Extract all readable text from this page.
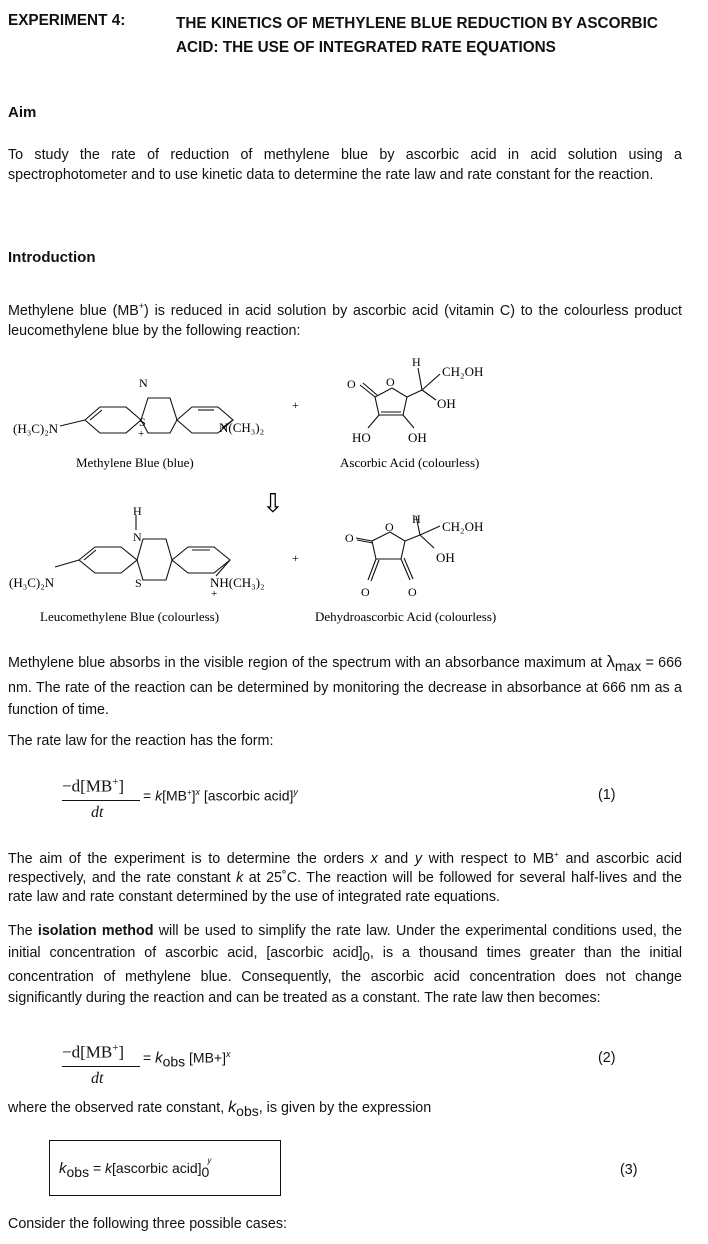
EXPERIMENT 4:	THE KINETICS OF METHYLENE BLUE REDUCTION BY ASCORBIC
ACID: THE USE OF INTEGRATED RATE EQUATIONS
Aim
To study the rate of reduction of methylene blue by ascorbic acid in acid solution using a spectrophotometer and to use kinetic data to determine the rate law and rate constant for the reaction.
Introduction
Methylene blue (MB+) is reduced in acid solution by ascorbic acid (vitamin C) to the colourless product leucomethylene blue by the following reaction:
(H₃C)₂N	N(CH₃)₂
N
S
+
Methylene Blue (blue)
+
H
CH₂OH
O	O
OH
HO	OH
Ascorbic Acid (colourless)
⇩
H
N
S
(H₃C)₂N	NH(CH₃)₂
+
Leucomethylene Blue (colourless)
+
H CH₂OH
O
O
OH
O	O
Dehydroascorbic Acid (colourless)
Methylene blue absorbs in the visible region of the spectrum with an absorbance maximum at $\lambda_{max} = 666$ nm. The rate of the reaction can be determined by monitoring the decrease in absorbance at 666 nm as a function of time.
The rate law for the reaction has the form:
−d[MB+]
dt
= $k[MB^+]^x$ [ascorbic acid]$^y$	(1)
The aim of the experiment is to determine the orders x and y with respect to MB+ and ascorbic acid respectively, and the rate constant k at 25˚C. The reaction will be followed for several half-lives and the rate law and rate constant determined by the use of integrated rate equations.
The isolation method will be used to simplify the rate law. Under the experimental conditions used, the initial concentration of ascorbic acid, [ascorbic $acid]_0$, is a thousand times greater than the initial concentration of methylene blue. Consequently, the ascorbic acid concentration does not change significantly during the reaction and can be treated as a constant. The rate law then becomes:
−d[MB+]
dt
= $k_{obs}$ $[MB+]^x$	(2)
where the observed rate constant, $k_{obs}$, is given by the expression
$k_{obs}$ = k[ascorbic $acid]_0^y$
(3)
Consider the following three possible cases:
